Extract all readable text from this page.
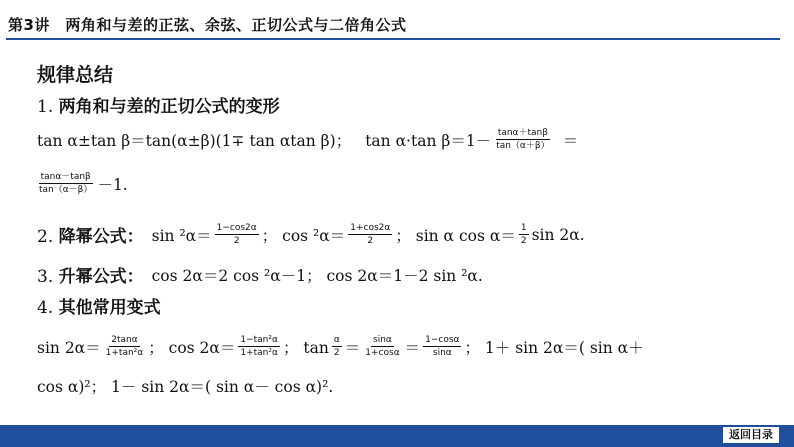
第3讲　两角和与差的正弦、余弦、正切公式与二倍角公式
规律总结
1. 两角和与差的正切公式的变形
tan α±tan β＝tan(α±β)(1∓ tan αtan β)； tan α·tan $\beta=1- \frac{\tan\alpha+\tan\beta}{\tan(\alpha+\beta)}$ ＝
$\frac{\tan\alpha-\tan\beta}{\tan(\alpha-\beta)} -1$.
2. 降幂公式： $\sin ^2\alpha= \frac{1-\cos 2\alpha}{2}$ ； $\cos ^2\alpha= \frac{1+\cos 2\alpha}{2}$ ； sin α $\cos \alpha= \frac{1}{2}$ sin 2α.
3. 升幂公式： cos 2α＝2 cos ²α－1； cos 2α＝1－2 sin ²α.
4. 其他常用变式
$\sin 2\alpha= \frac{2\tan\alpha}{\text{1+tan²α}}$ ； $\cos 2\alpha= \frac{\text{1−tan²α}}{\text{1+tan²α}}$ ； $\tan \frac{\alpha}{2} = \frac{\sin\alpha}{1+\cos\alpha} = \frac{1-\cos\alpha}{\sin\alpha}$ ； 1＋ sin 2α＝( sin α＋
cos α)²； 1－ sin 2α＝( sin α－ cos α)².
返回目录
